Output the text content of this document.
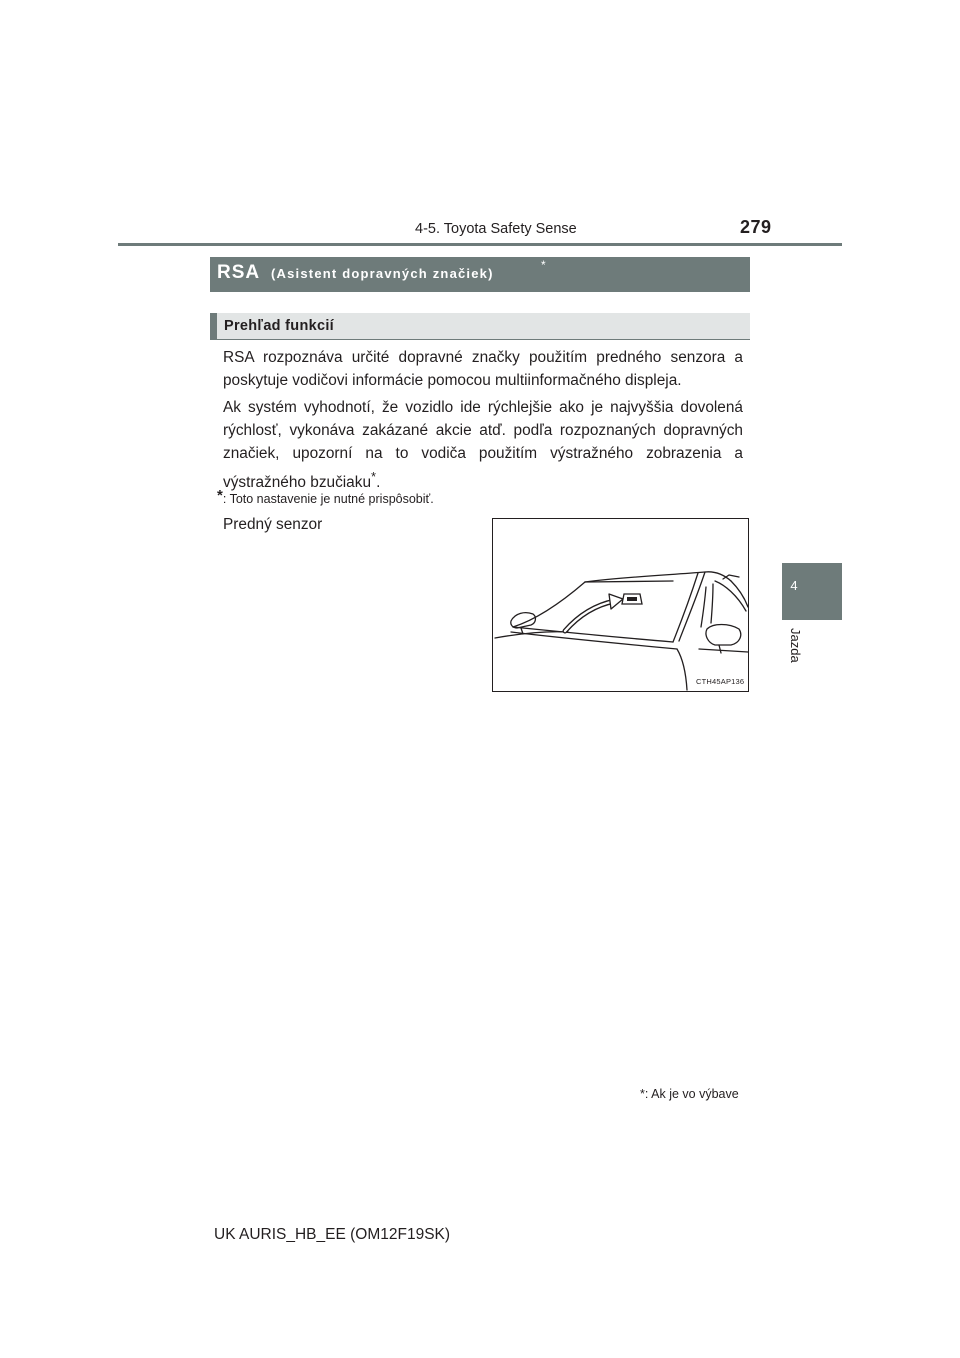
4-5. Toyota Safety Sense	279
4
Jazda
RSA (Asistent dopravných značiek)
*
Prehľad funkcií
RSA rozpoznáva určité dopravné značky použitím predného senzora a poskytuje vodičovi informácie pomocou multiinformačného displeja.
Ak systém vyhodnotí, že vozidlo ide rýchlejšie ako je najvyššia dovolená rýchlosť, vykonáva zakázané akcie atď. podľa rozpoznaných dopravných značiek, upozorní na to vodiča použitím výstražného zobrazenia a výstražného bzučiaku*.
*: Toto nastavenie je nutné prispôsobiť.
Predný senzor
CTH45AP136
*: Ak je vo výbave
UK AURIS_HB_EE (OM12F19SK)
